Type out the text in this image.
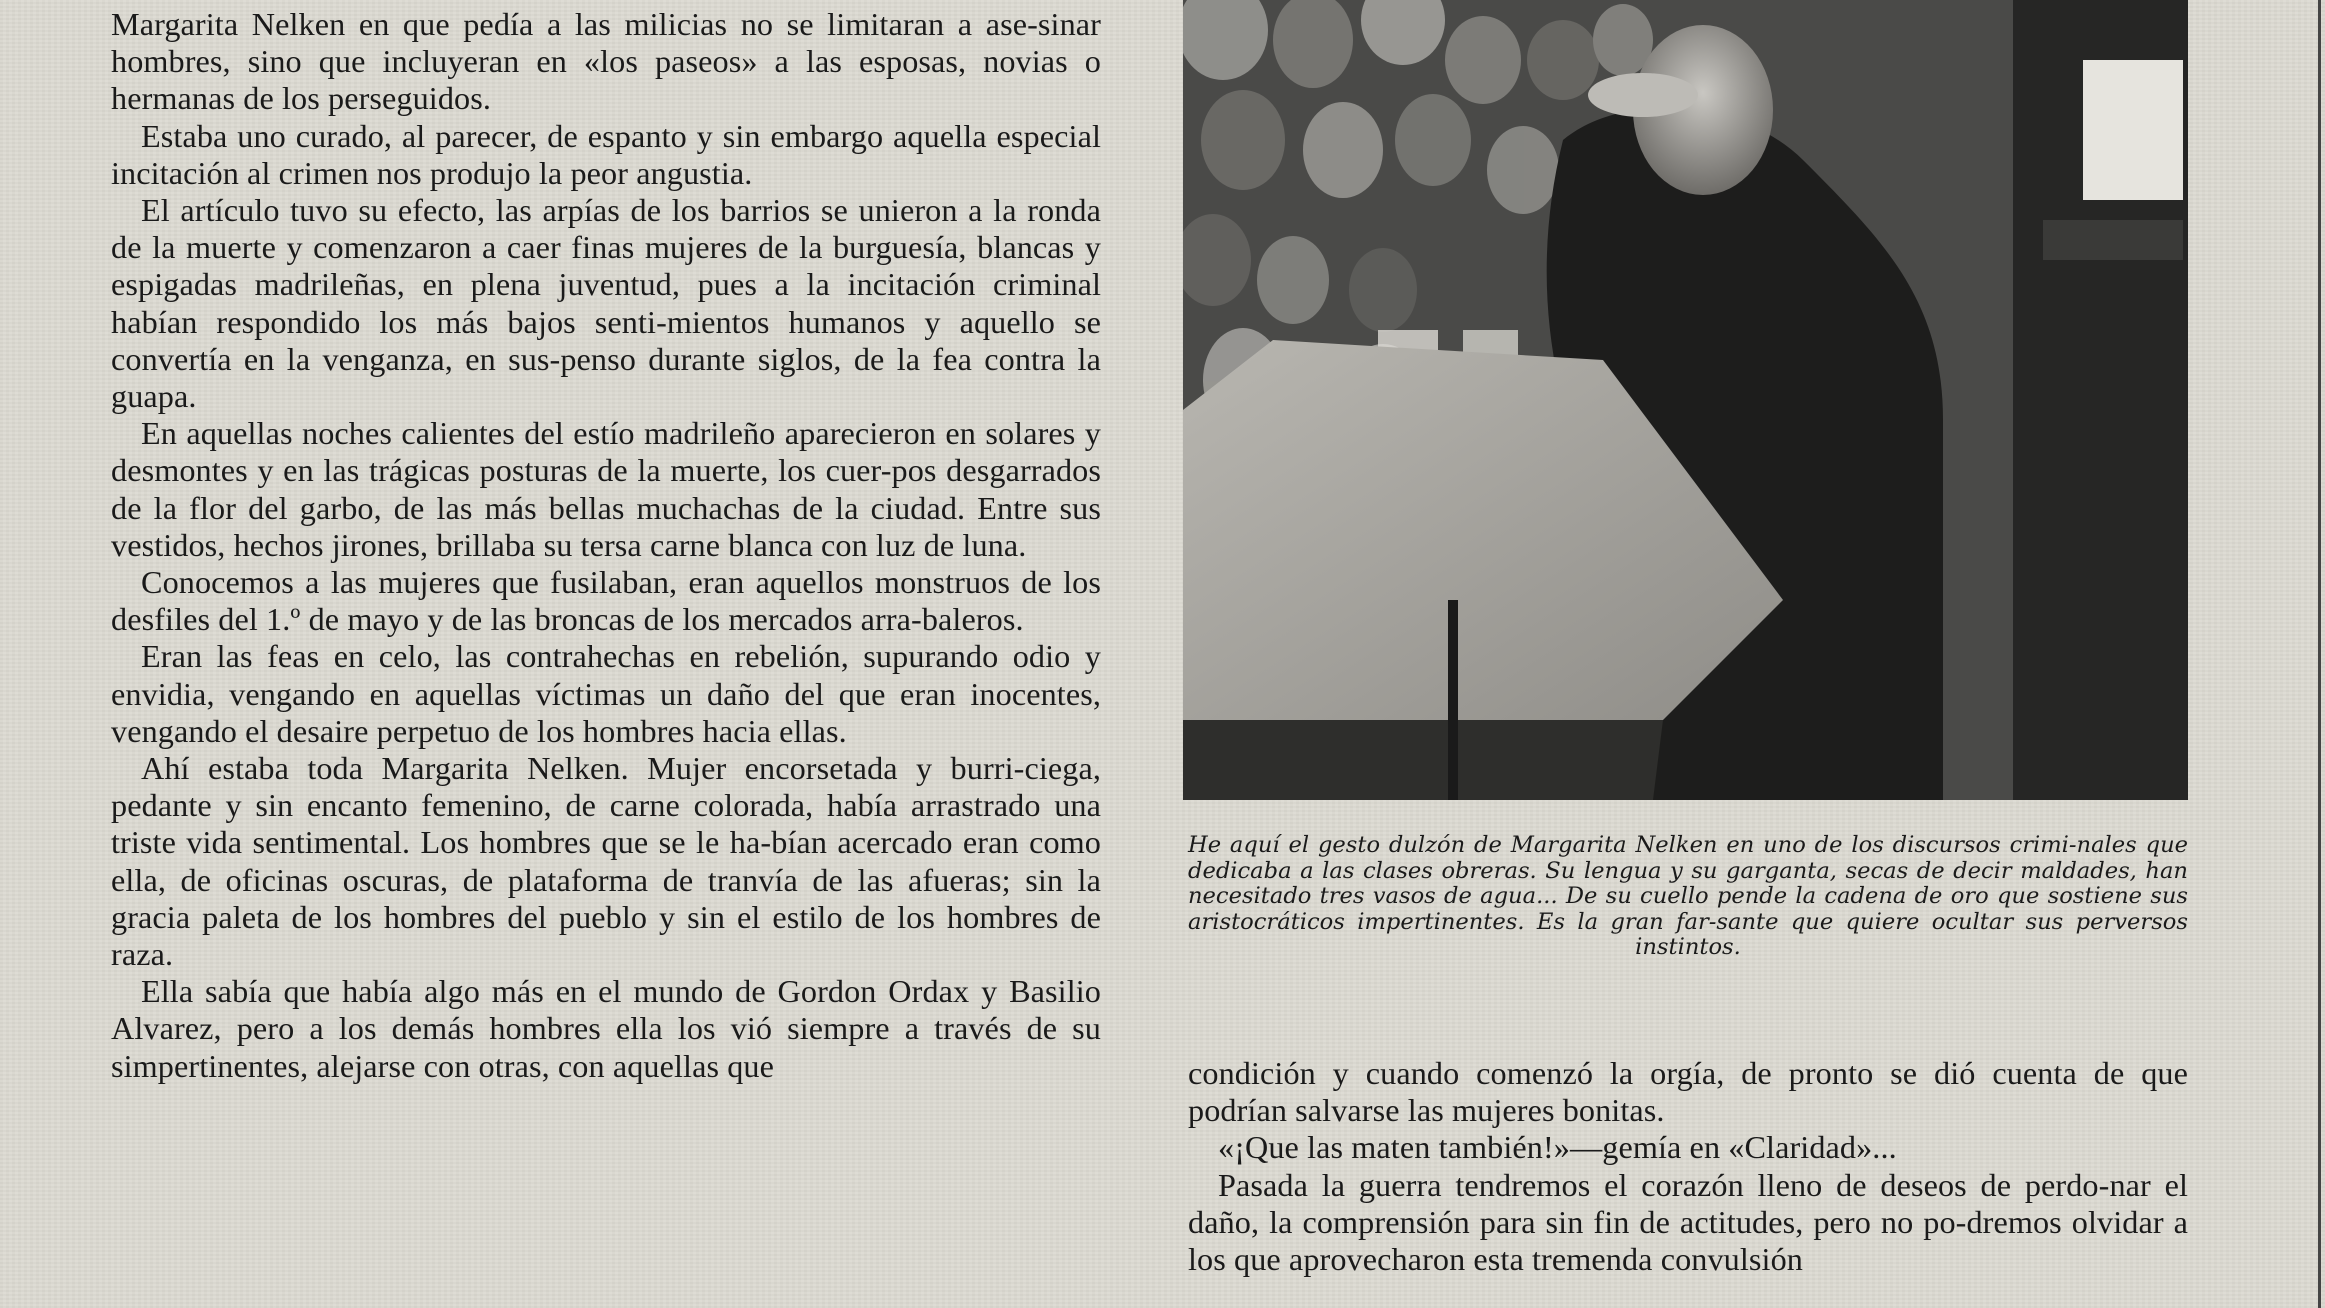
Margarita Nelken en que pedía a las milicias no se limitaran a ase-sinar hombres, sino que incluyeran en «los paseos» a las esposas, novias o hermanas de los perseguidos.

Estaba uno curado, al parecer, de espanto y sin embargo aquella especial incitación al crimen nos produjo la peor angustia.

El artículo tuvo su efecto, las arpías de los barrios se unieron a la ronda de la muerte y comenzaron a caer finas mujeres de la burguesía, blancas y espigadas madrileñas, en plena juventud, pues a la incitación criminal habían respondido los más bajos senti-mientos humanos y aquello se convertía en la venganza, en sus-penso durante siglos, de la fea contra la guapa.

En aquellas noches calientes del estío madrileño aparecieron en solares y desmontes y en las trágicas posturas de la muerte, los cuer-pos desgarrados de la flor del garbo, de las más bellas muchachas de la ciudad. Entre sus vestidos, hechos jirones, brillaba su tersa carne blanca con luz de luna.

Conocemos a las mujeres que fusilaban, eran aquellos monstruos de los desfiles del 1.º de mayo y de las broncas de los mercados arra-baleros.

Eran las feas en celo, las contrahechas en rebelión, supurando odio y envidia, vengando en aquellas víctimas un daño del que eran inocentes, vengando el desaire perpetuo de los hombres hacia ellas.

Ahí estaba toda Margarita Nelken. Mujer encorsetada y burri-ciega, pedante y sin encanto femenino, de carne colorada, había arrastrado una triste vida sentimental. Los hombres que se le ha-bían acercado eran como ella, de oficinas oscuras, de plataforma de tranvía de las afueras; sin la gracia paleta de los hombres del pueblo y sin el estilo de los hombres de raza.

Ella sabía que había algo más en el mundo de Gordon Ordax y Basilio Alvarez, pero a los demás hombres ella los vió siempre a través de su simpertinentes, alejarse con otras, con aquellas que

He aquí el gesto dulzón de Margarita Nelken en uno de los discursos crimi-nales que dedicaba a las clases obreras. Su lengua y su garganta, secas de decir maldades, han necesitado tres vasos de agua... De su cuello pende la cadena de oro que sostiene sus aristocráticos impertinentes. Es la gran far-sante que quiere ocultar sus perversos instintos.

condición y cuando comenzó la orgía, de pronto se dió cuenta de que podrían salvarse las mujeres bonitas.

«¡Que las maten también!»—gemía en «Claridad»...

Pasada la guerra tendremos el corazón lleno de deseos de perdo-nar el daño, la comprensión para sin fin de actitudes, pero no po-dremos olvidar a los que aprovecharon esta tremenda convulsión
